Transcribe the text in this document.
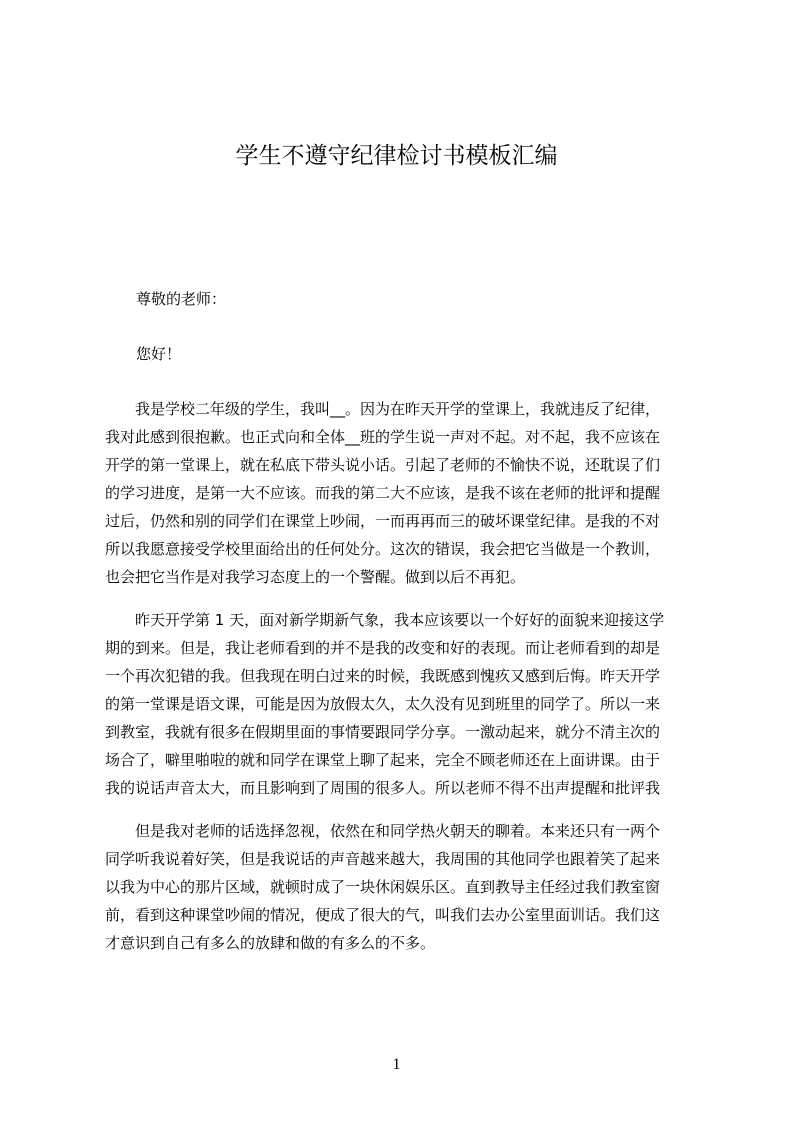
学生不遵守纪律检讨书模板汇编
尊敬的老师：
您好！
　　我是学校二年级的学生，我叫__。因为在昨天开学的堂课上，我就违反了纪律，
我对此感到很抱歉。也正式向和全体__班的学生说一声对不起。对不起，我不应该在
开学的第一堂课上，就在私底下带头说小话。引起了老师的不愉快不说，还耽误了们
的学习进度，是第一大不应该。而我的第二大不应该，是我不该在老师的批评和提醒
过后，仍然和别的同学们在课堂上吵闹，一而再再而三的破坏课堂纪律。是我的不对
所以我愿意接受学校里面给出的任何处分。这次的错误，我会把它当做是一个教训，
也会把它当作是对我学习态度上的一个警醒。做到以后不再犯。
　　昨天开学第 1 天，面对新学期新气象，我本应该要以一个好好的面貌来迎接这学
期的到来。但是，我让老师看到的并不是我的改变和好的表现。而让老师看到的却是
一个再次犯错的我。但我现在明白过来的时候，我既感到愧疚又感到后悔。昨天开学
的第一堂课是语文课，可能是因为放假太久，太久没有见到班里的同学了。所以一来
到教室，我就有很多在假期里面的事情要跟同学分享。一激动起来，就分不清主次的
场合了，噼里啪啦的就和同学在课堂上聊了起来，完全不顾老师还在上面讲课。由于
我的说话声音太大，而且影响到了周围的很多人。所以老师不得不出声提醒和批评我
　　但是我对老师的话选择忽视，依然在和同学热火朝天的聊着。本来还只有一两个
同学听我说着好笑，但是我说话的声音越来越大，我周围的其他同学也跟着笑了起来
以我为中心的那片区域，就顿时成了一块休闲娱乐区。直到教导主任经过我们教室窗
前，看到这种课堂吵闹的情况，便成了很大的气，叫我们去办公室里面训话。我们这
才意识到自己有多么的放肆和做的有多么的不多。
1
